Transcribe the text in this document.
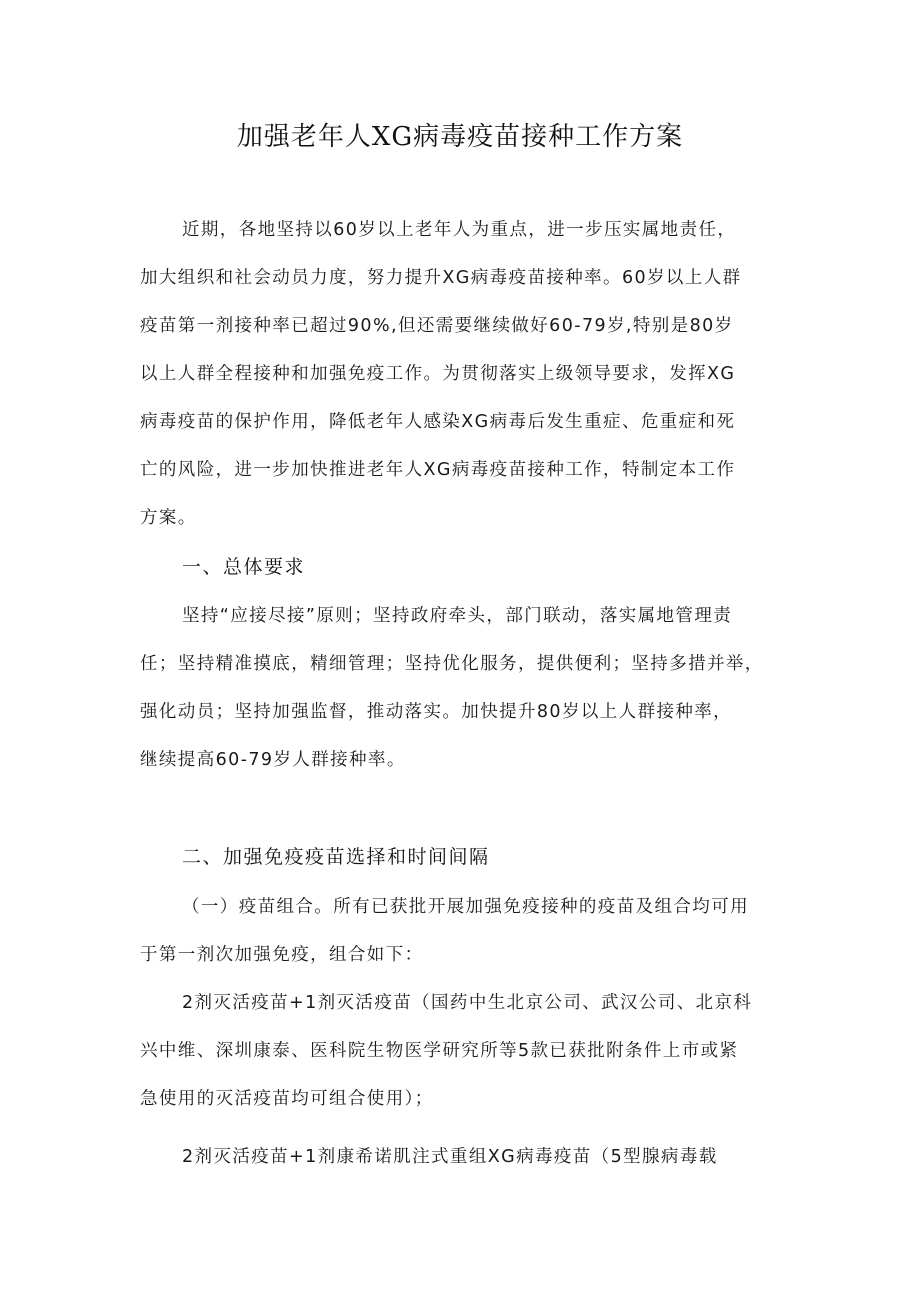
加强老年人XG病毒疫苗接种工作方案
近期，各地坚持以60岁以上老年人为重点，进一步压实属地责任，
加大组织和社会动员力度，努力提升XG病毒疫苗接种率。60岁以上人群
疫苗第一剂接种率已超过90%,但还需要继续做好60-79岁,特别是80岁
以上人群全程接种和加强免疫工作。为贯彻落实上级领导要求，发挥XG
病毒疫苗的保护作用，降低老年人感染XG病毒后发生重症、危重症和死
亡的风险，进一步加快推进老年人XG病毒疫苗接种工作，特制定本工作
方案。
一、总体要求
坚持“应接尽接”原则；坚持政府牵头，部门联动，落实属地管理责
任；坚持精准摸底，精细管理；坚持优化服务，提供便利；坚持多措并举，
强化动员；坚持加强监督，推动落实。加快提升80岁以上人群接种率，
继续提高60-79岁人群接种率。
二、加强免疫疫苗选择和时间间隔
（一）疫苗组合。所有已获批开展加强免疫接种的疫苗及组合均可用
于第一剂次加强免疫，组合如下：
2剂灭活疫苗+1剂灭活疫苗（国药中生北京公司、武汉公司、北京科
兴中维、深圳康泰、医科院生物医学研究所等5款已获批附条件上市或紧
急使用的灭活疫苗均可组合使用）；
2剂灭活疫苗+1剂康希诺肌注式重组XG病毒疫苗（5型腺病毒载
